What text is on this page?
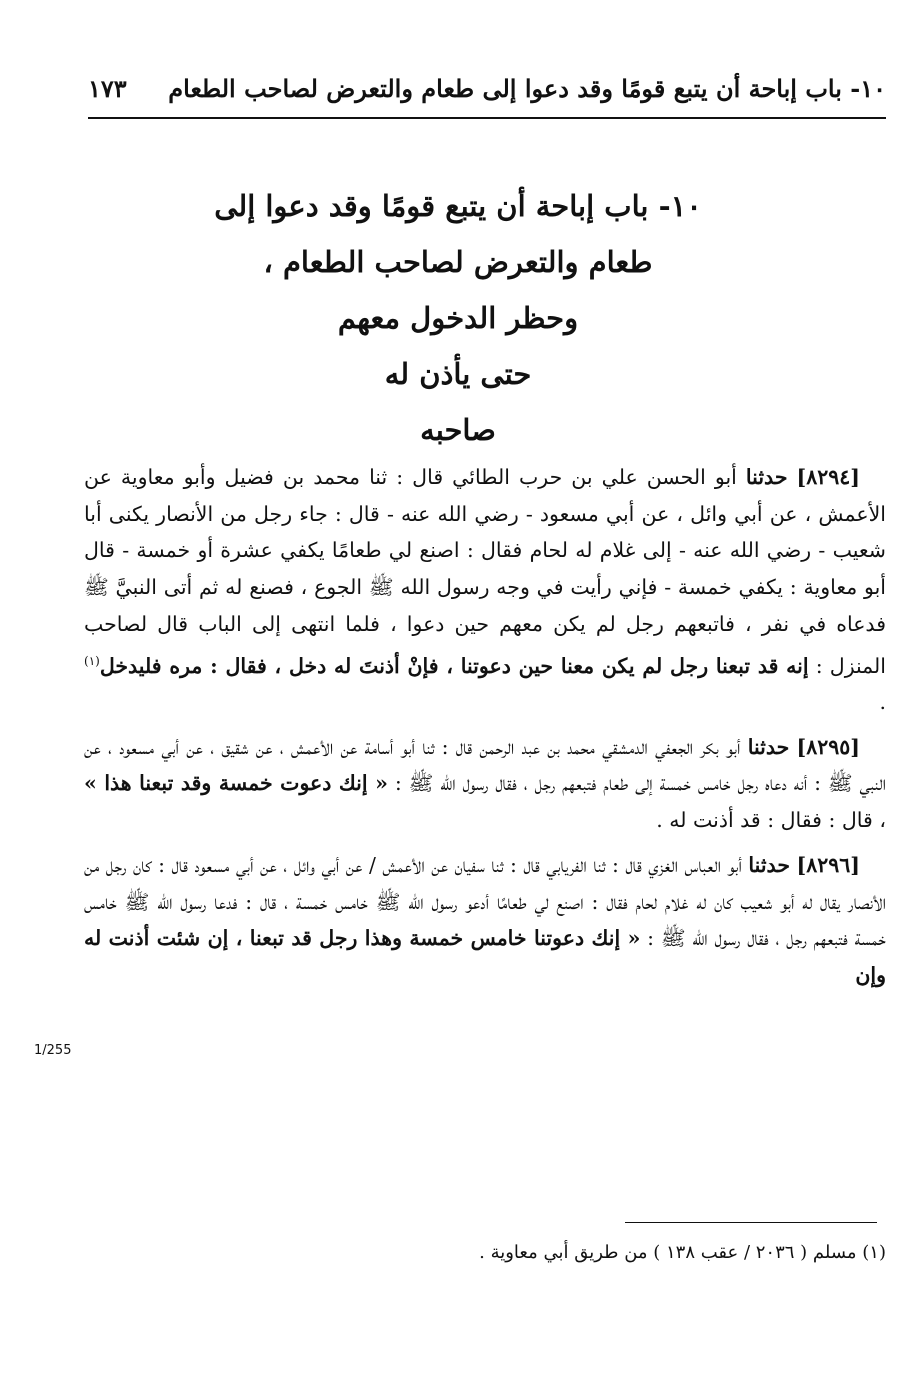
١٠- باب إباحة أن يتبع قومًا وقد دعوا إلى طعام والتعرض لصاحب الطعام
١٧٣
١٠- باب إباحة أن يتبع قومًا وقد دعوا إلى
طعام والتعرض لصاحب الطعام ،
وحظر الدخول معهم
حتى يأذن له
صاحبه

[٨٢٩٤] حدثنا أبو الحسن علي بن حرب الطائي قال : ثنا محمد بن فضيل وأبو معاوية عن الأعمش ، عن أبي وائل ، عن أبي مسعود - رضي الله عنه - قال : جاء رجل من الأنصار يكنى أبا شعيب - رضي الله عنه - إلى غلام له لحام فقال : اصنع لي طعامًا يكفي عشرة أو خمسة - قال أبو معاوية : يكفي خمسة - فإني رأيت في وجه رسول الله ﷺ الجوع ، فصنع له ثم أتى النبيَّ ﷺ فدعاه في نفر ، فاتبعهم رجل لم يكن معهم حين دعوا ، فلما انتهى إلى الباب قال لصاحب المنزل : إنه قد تبعنا رجل لم يكن معنا حين دعوتنا ، فإنْ أذنتَ له دخل ، فقال : مره فليدخل$^{(١)}$ .

[٨٢٩٥] حدثنا أبو بكر الجعفي الدمشقي محمد بن عبد الرحمن قال : ثنا أبو أسامة عن الأعمش ، عن شقيق ، عن أبي مسعود ، عن النبي ﷺ : أنه دعاه رجل خامس خمسة إلى طعام فتبعهم رجل ، فقال رسول الله ﷺ : « إنك دعوت خمسة وقد تبعنا هذا » ، قال : فقال : قد أذنت له .

[٨٢٩٦] حدثنا أبو العباس الغزي قال : ثنا الفريابي قال : ثنا سفيان عن الأعمش / عن أبي وائل ، عن أبي مسعود قال : كان رجل من الأنصار يقال له أبو شعيب كان له غلام لحام فقال : اصنع لي طعامًا أدعو رسول الله ﷺ خامس خمسة ، قال : فدعا رسول الله ﷺ خامس خمسة فتبعهم رجل ، فقال رسول الله ﷺ : « إنك دعوتنا خامس خمسة وهذا رجل قد تبعنا ، إن شئت أذنت له وإن

1/255
(١) مسلم ( ٢٠٣٦ / عقب ١٣٨ ) من طريق أبي معاوية .
